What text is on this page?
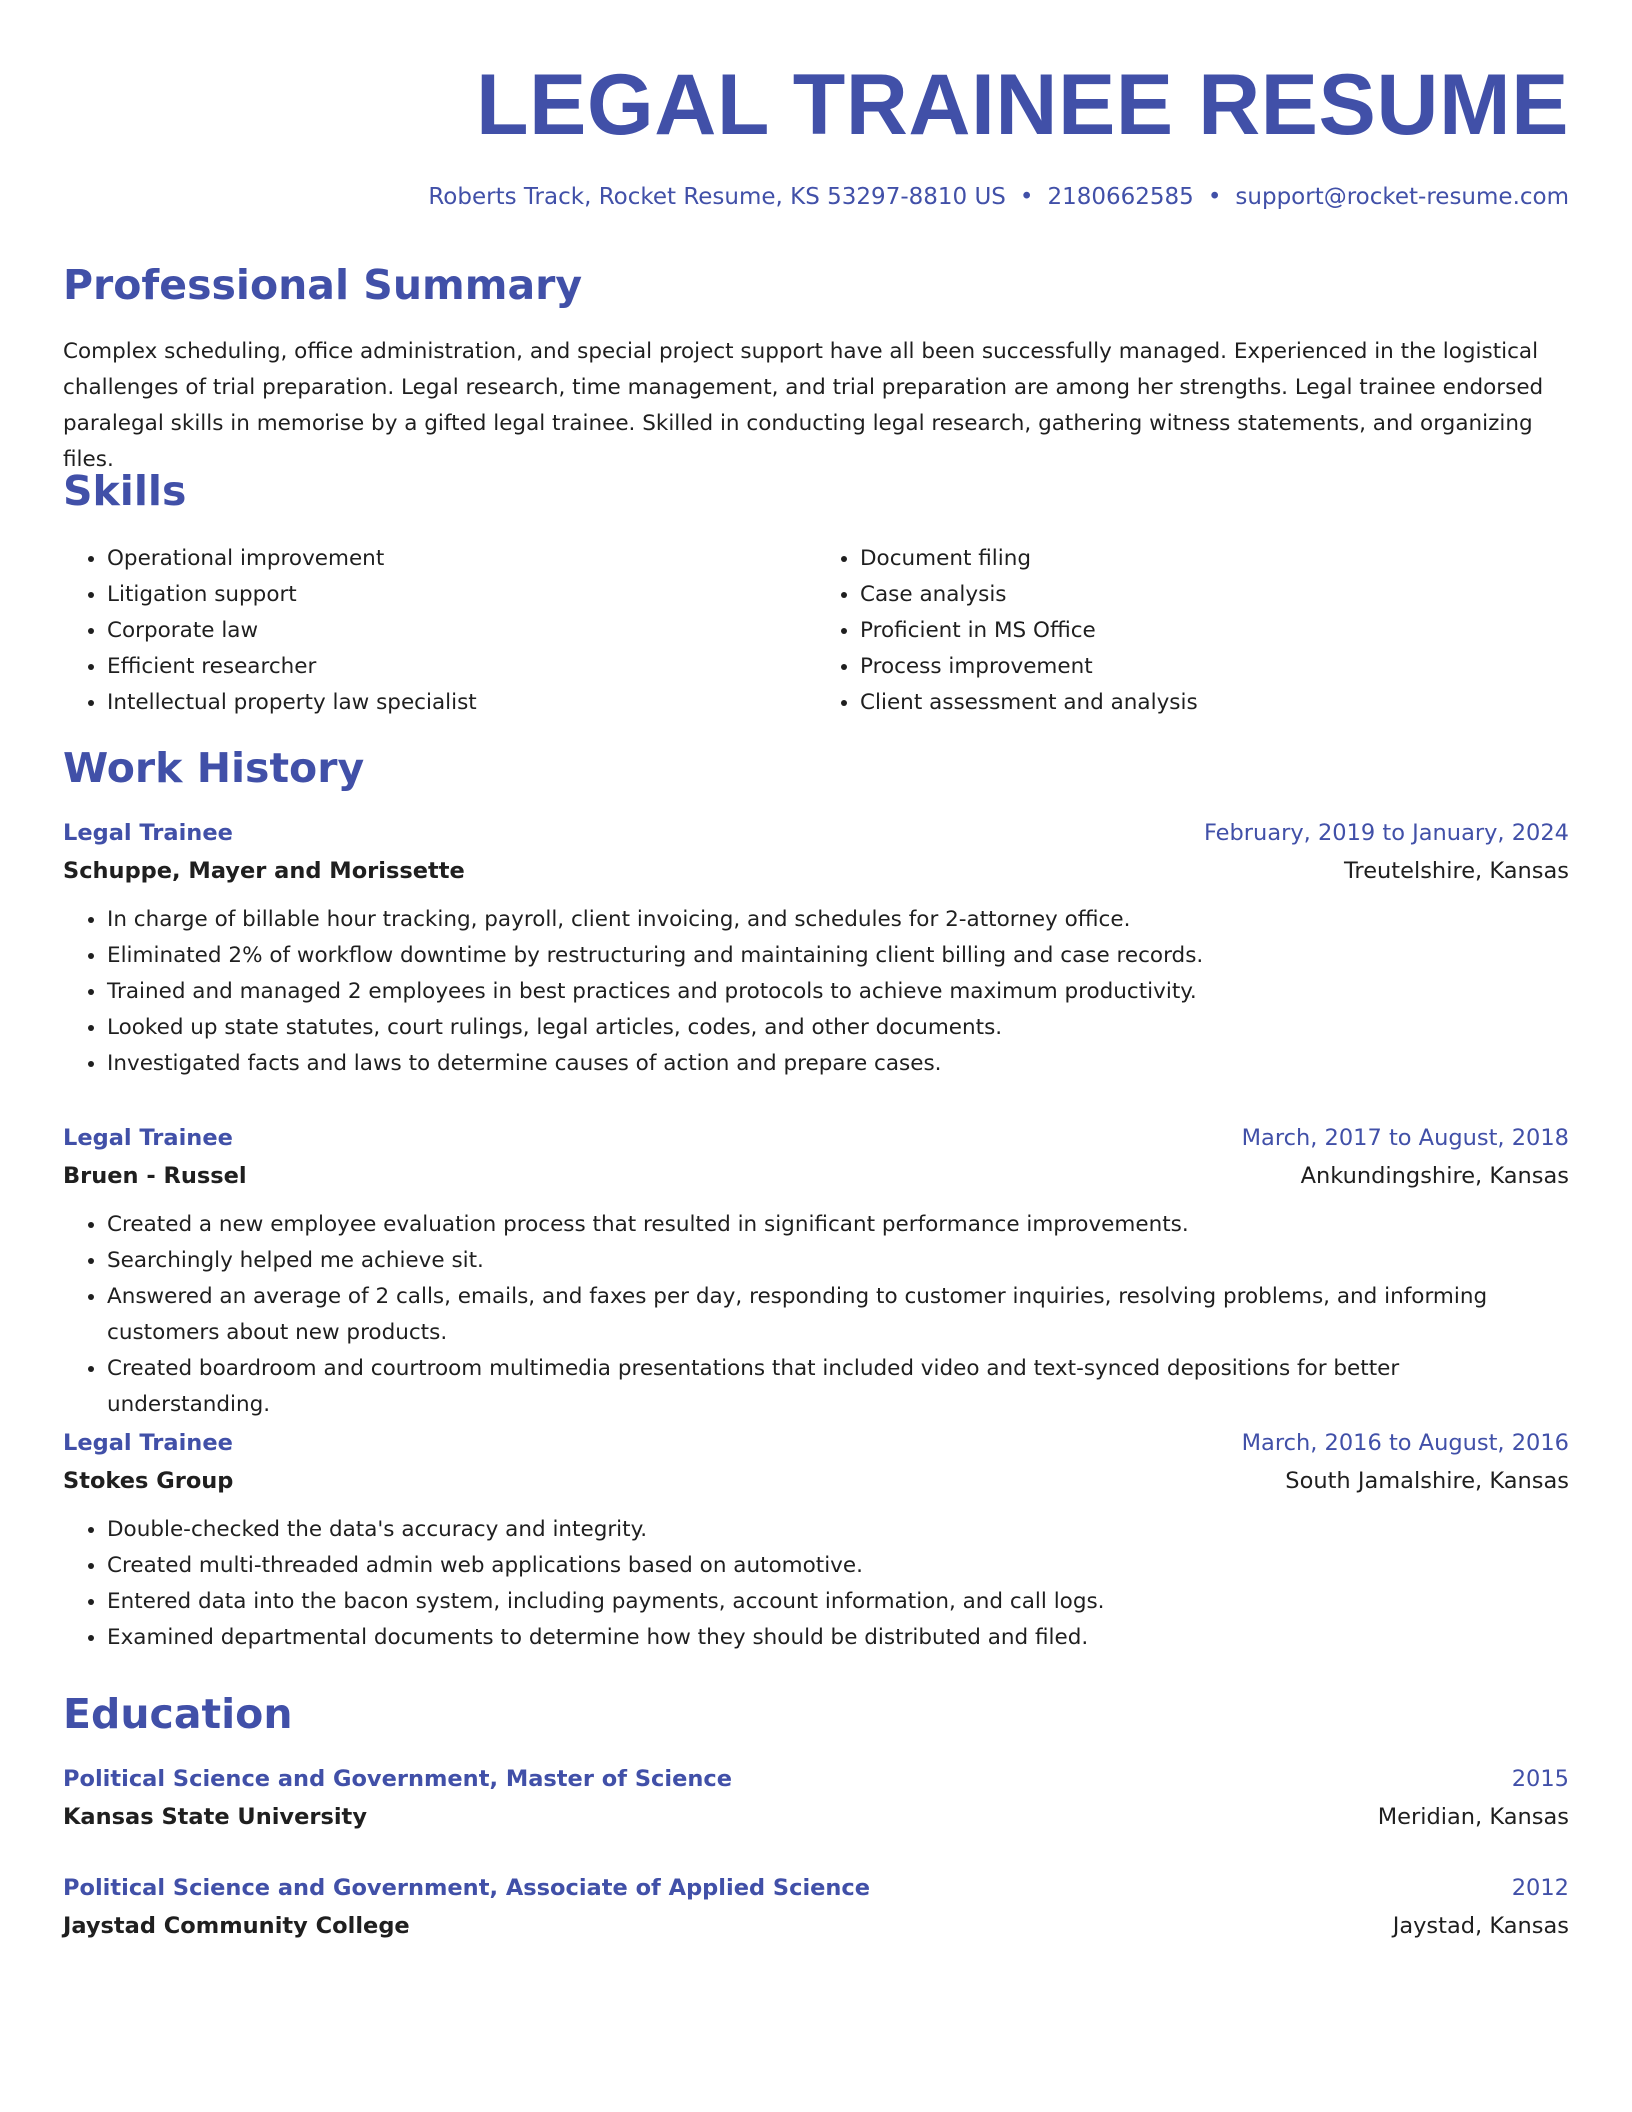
LEGAL TRAINEE RESUME
Roberts Track, Rocket Resume, KS 53297-8810 US • 2180662585 • support@rocket-resume.com
Professional Summary

Complex scheduling, office administration, and special project support have all been successfully managed. Experienced in the logistical challenges of trial preparation. Legal research, time management, and trial preparation are among her strengths. Legal trainee endorsed paralegal skills in memorise by a gifted legal trainee. Skilled in conducting legal research, gathering witness statements, and organizing files.

Skills
• Operational improvement
• Litigation support
• Corporate law
• Efficient researcher
• Intellectual property law specialist
• Document filing
• Case analysis
• Proficient in MS Office
• Process improvement
• Client assessment and analysis
Work History
Legal Trainee	February, 2019 to January, 2024
Schuppe, Mayer and Morissette	Treutelshire, Kansas
• In charge of billable hour tracking, payroll, client invoicing, and schedules for 2-attorney office.
• Eliminated 2% of workflow downtime by restructuring and maintaining client billing and case records.
• Trained and managed 2 employees in best practices and protocols to achieve maximum productivity.
• Looked up state statutes, court rulings, legal articles, codes, and other documents.
• Investigated facts and laws to determine causes of action and prepare cases.
Legal Trainee	March, 2017 to August, 2018
Bruen - Russel	Ankundingshire, Kansas
• Created a new employee evaluation process that resulted in significant performance improvements.
• Searchingly helped me achieve sit.
• Answered an average of 2 calls, emails, and faxes per day, responding to customer inquiries, resolving problems, and informing customers about new products.
• Created boardroom and courtroom multimedia presentations that included video and text-synced depositions for better understanding.
Legal Trainee	March, 2016 to August, 2016
Stokes Group	South Jamalshire, Kansas
• Double-checked the data's accuracy and integrity.
• Created multi-threaded admin web applications based on automotive.
• Entered data into the bacon system, including payments, account information, and call logs.
• Examined departmental documents to determine how they should be distributed and filed.
Education
Political Science and Government, Master of Science	2015
Kansas State University	Meridian, Kansas
Political Science and Government, Associate of Applied Science	2012
Jaystad Community College	Jaystad, Kansas
